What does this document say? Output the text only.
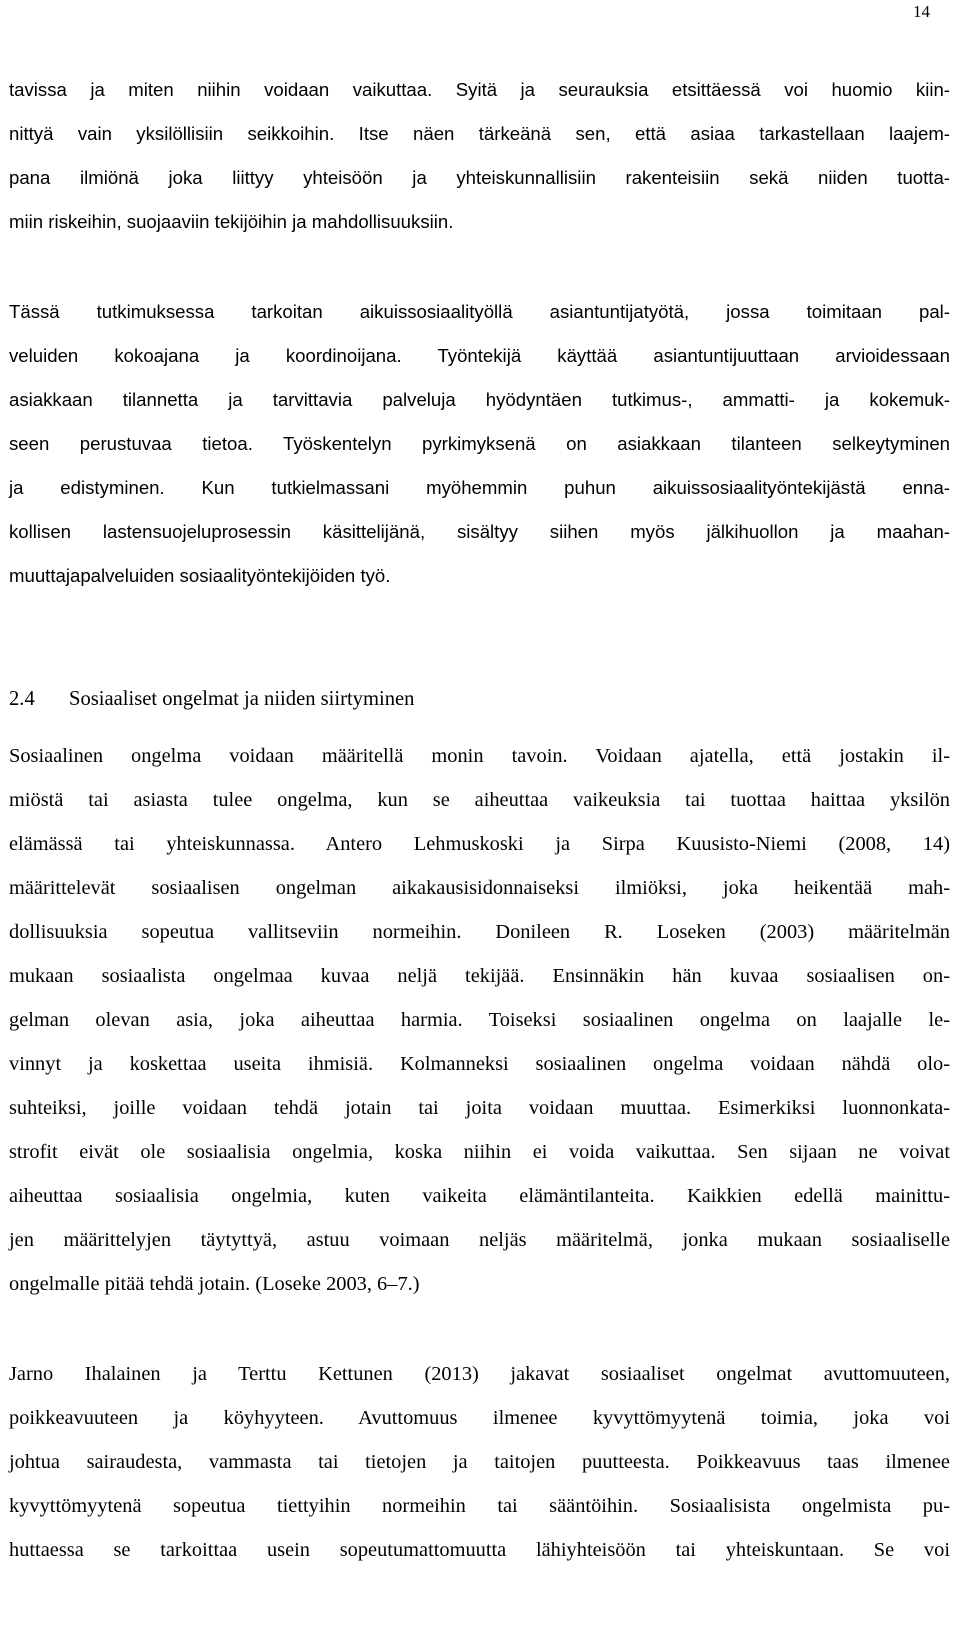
14
tavissa ja miten niihin voidaan vaikuttaa. Syitä ja seurauksia etsittäessä voi huomio kiin-
nittyä vain yksilöllisiin seikkoihin. Itse näen tärkeänä sen, että asiaa tarkastellaan laajem-
pana ilmiönä joka liittyy yhteisöön ja yhteiskunnallisiin rakenteisiin sekä niiden tuotta-
miin riskeihin, suojaaviin tekijöihin ja mahdollisuuksiin.
Tässä tutkimuksessa tarkoitan aikuissosiaalityöllä asiantuntijatyötä, jossa toimitaan pal-
veluiden kokoajana ja koordinoijana. Työntekijä käyttää asiantuntijuuttaan arvioidessaan
asiakkaan tilannetta ja tarvittavia palveluja hyödyntäen tutkimus-, ammatti- ja kokemuk-
seen perustuvaa tietoa. Työskentelyn pyrkimyksenä on asiakkaan tilanteen selkeytyminen
ja edistyminen. Kun tutkielmassani myöhemmin puhun aikuissosiaalityöntekijästä enna-
kollisen lastensuojeluprosessin käsittelijänä, sisältyy siihen myös jälkihuollon ja maahan-
muuttajapalveluiden sosiaalityöntekijöiden työ.
2.4 Sosiaaliset ongelmat ja niiden siirtyminen
Sosiaalinen ongelma voidaan määritellä monin tavoin. Voidaan ajatella, että jostakin il-
miöstä tai asiasta tulee ongelma, kun se aiheuttaa vaikeuksia tai tuottaa haittaa yksilön
elämässä tai yhteiskunnassa. Antero Lehmuskoski ja Sirpa Kuusisto-Niemi (2008, 14)
määrittelevät sosiaalisen ongelman aikakausisidonnaiseksi ilmiöksi, joka heikentää mah-
dollisuuksia sopeutua vallitseviin normeihin. Donileen R. Loseken (2003) määritelmän
mukaan sosiaalista ongelmaa kuvaa neljä tekijää. Ensinnäkin hän kuvaa sosiaalisen on-
gelman olevan asia, joka aiheuttaa harmia. Toiseksi sosiaalinen ongelma on laajalle le-
vinnyt ja koskettaa useita ihmisiä. Kolmanneksi sosiaalinen ongelma voidaan nähdä olo-
suhteiksi, joille voidaan tehdä jotain tai joita voidaan muuttaa. Esimerkiksi luonnonkata-
strofit eivät ole sosiaalisia ongelmia, koska niihin ei voida vaikuttaa. Sen sijaan ne voivat
aiheuttaa sosiaalisia ongelmia, kuten vaikeita elämäntilanteita. Kaikkien edellä mainittu-
jen määrittelyjen täytyttyä, astuu voimaan neljäs määritelmä, jonka mukaan sosiaaliselle
ongelmalle pitää tehdä jotain. (Loseke 2003, 6–7.)
Jarno Ihalainen ja Terttu Kettunen (2013) jakavat sosiaaliset ongelmat avuttomuuteen,
poikkeavuuteen ja köyhyyteen. Avuttomuus ilmenee kyvyttömyytenä toimia, joka voi
johtua sairaudesta, vammasta tai tietojen ja taitojen puutteesta. Poikkeavuus taas ilmenee
kyvyttömyytenä sopeutua tiettyihin normeihin tai sääntöihin. Sosiaalisista ongelmista pu-
huttaessa se tarkoittaa usein sopeutumattomuutta lähiyhteisöön tai yhteiskuntaan. Se voi
